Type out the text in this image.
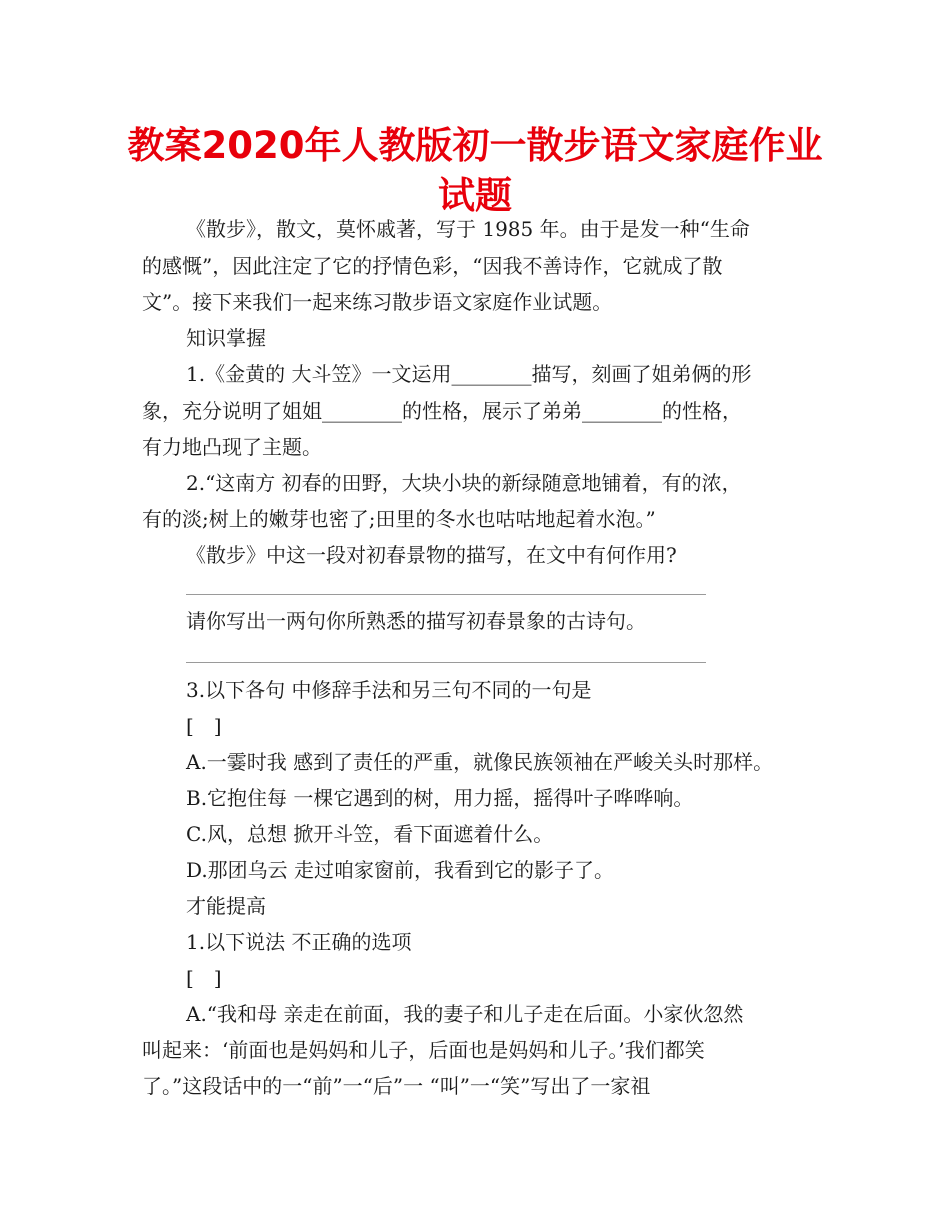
教案2020年人教版初一散步语文家庭作业
试题

《散步》，散文，莫怀戚著，写于 1985 年。由于是发一种“生命

的感慨”，因此注定了它的抒情色彩，“因我不善诗作，它就成了散

文”。接下来我们一起来练习散步语文家庭作业试题。

知识掌握

1.《金黄的 大斗笠》一文运用________描写，刻画了姐弟俩的形

象，充分说明了姐姐________的性格，展示了弟弟________的性格，

有力地凸现了主题。

2.“这南方 初春的田野，大块小块的新绿随意地铺着，有的浓，

有的淡;树上的嫩芽也密了;田里的冬水也咕咕地起着水泡。”

《散步》中这一段对初春景物的描写，在文中有何作用?

请你写出一两句你所熟悉的描写初春景象的古诗句。

3.以下各句 中修辞手法和另三句不同的一句是

[　]

A.一霎时我 感到了责任的严重，就像民族领袖在严峻关头时那样。

B.它抱住每 一棵它遇到的树，用力摇，摇得叶子哗哗响。

C.风，总想 掀开斗笠，看下面遮着什么。

D.那团乌云 走过咱家窗前，我看到它的影子了。

才能提高

1.以下说法 不正确的选项

[　]

A.“我和母 亲走在前面，我的妻子和儿子走在后面。小家伙忽然

叫起来：‘前面也是妈妈和儿子，后面也是妈妈和儿子。’我们都笑

了。”这段话中的一“前”一“后”一 “叫”一“笑”写出了一家祖
